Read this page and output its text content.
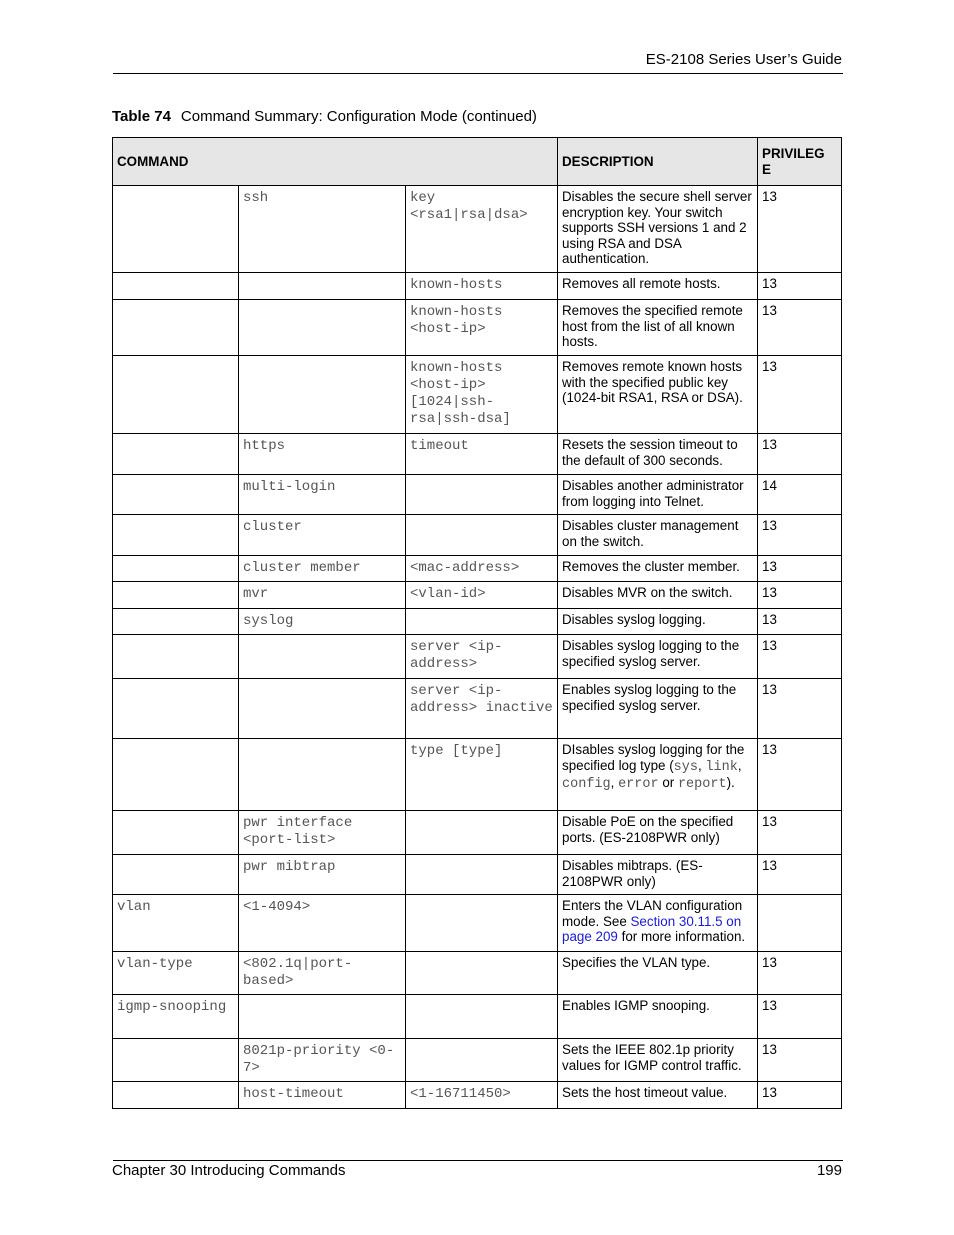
ES-2108 Series User’s Guide
Table 74 Command Summary: Configuration Mode (continued)
COMMAND			DESCRIPTION	PRIVILEG E
	ssh	key <rsa1|rsa|dsa>	Disables the secure shell server encryption key. Your switch supports SSH versions 1 and 2 using RSA and DSA authentication.	13
		known-hosts	Removes all remote hosts.	13
		known-hosts <host-ip>	Removes the specified remote host from the list of all known hosts.	13
		known-hosts <host-ip> [1024|ssh-rsa|ssh-dsa]	Removes remote known hosts with the specified public key (1024-bit RSA1, RSA or DSA).	13
	https	timeout	Resets the session timeout to the default of 300 seconds.	13
	multi-login		Disables another administrator from logging into Telnet.	14
	cluster		Disables cluster management on the switch.	13
	cluster member	<mac-address>	Removes the cluster member.	13
	mvr	<vlan-id>	Disables MVR on the switch.	13
	syslog		Disables syslog logging.	13
		server <ip-address>	Disables syslog logging to the specified syslog server.	13
		server <ip-address> inactive	Enables syslog logging to the specified syslog server.	13
		type [type]	DIsables syslog logging for the specified log type (sys, link, config, error or report).	13
	pwr interface <port-list>		Disable PoE on the specified ports. (ES-2108PWR only)	13
	pwr mibtrap		Disables mibtraps. (ES-2108PWR only)	13
vlan	<1-4094>		Enters the VLAN configuration mode. See Section 30.11.5 on page 209 for more information.	
vlan-type	<802.1q|port-based>		Specifies the VLAN type.	13
igmp-snooping			Enables IGMP snooping.	13
	8021p-priority <0-7>		Sets the IEEE 802.1p priority values for IGMP control traffic.	13
	host-timeout	<1-16711450>	Sets the host timeout value.	13
Chapter 30 Introducing Commands	199
